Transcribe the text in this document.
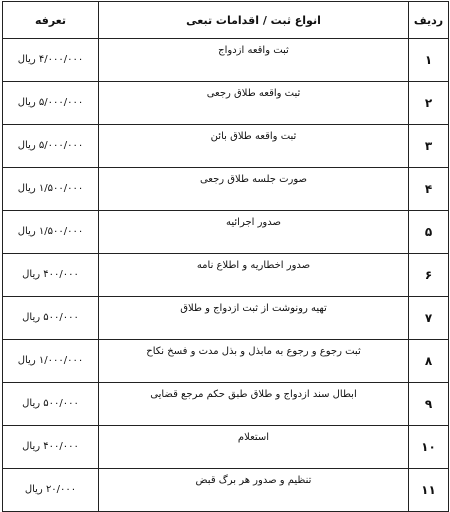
ردیف	انواع ثبت / اقدامات تبعی	تعرفه
۱	ثبت واقعه ازدواج	۴/۰۰۰/۰۰۰ ریال
۲	ثبت واقعه طلاق رجعی	۵/۰۰۰/۰۰۰ ریال
۳	ثبت واقعه طلاق بائن	۵/۰۰۰/۰۰۰ ریال
۴	صورت جلسه طلاق رجعی	۱/۵۰۰/۰۰۰ ریال
۵	صدور اجرائیه	۱/۵۰۰/۰۰۰ ریال
۶	صدور اخطاریه و اطلاع نامه	۴۰۰/۰۰۰ ریال
۷	تهیه رونوشت از ثبت ازدواج و طلاق	۵۰۰/۰۰۰ ریال
۸	ثبت رجوع و رجوع به مابذل و بذل مدت و فسخ نکاح	۱/۰۰۰/۰۰۰ ریال
۹	ابطال سند ازدواج و طلاق طبق حکم مرجع قضایی	۵۰۰/۰۰۰ ریال
۱۰	استعلام	۴۰۰/۰۰۰ ریال
۱۱	تنظیم و صدور هر برگ قبض	۲۰/۰۰۰ ریال
